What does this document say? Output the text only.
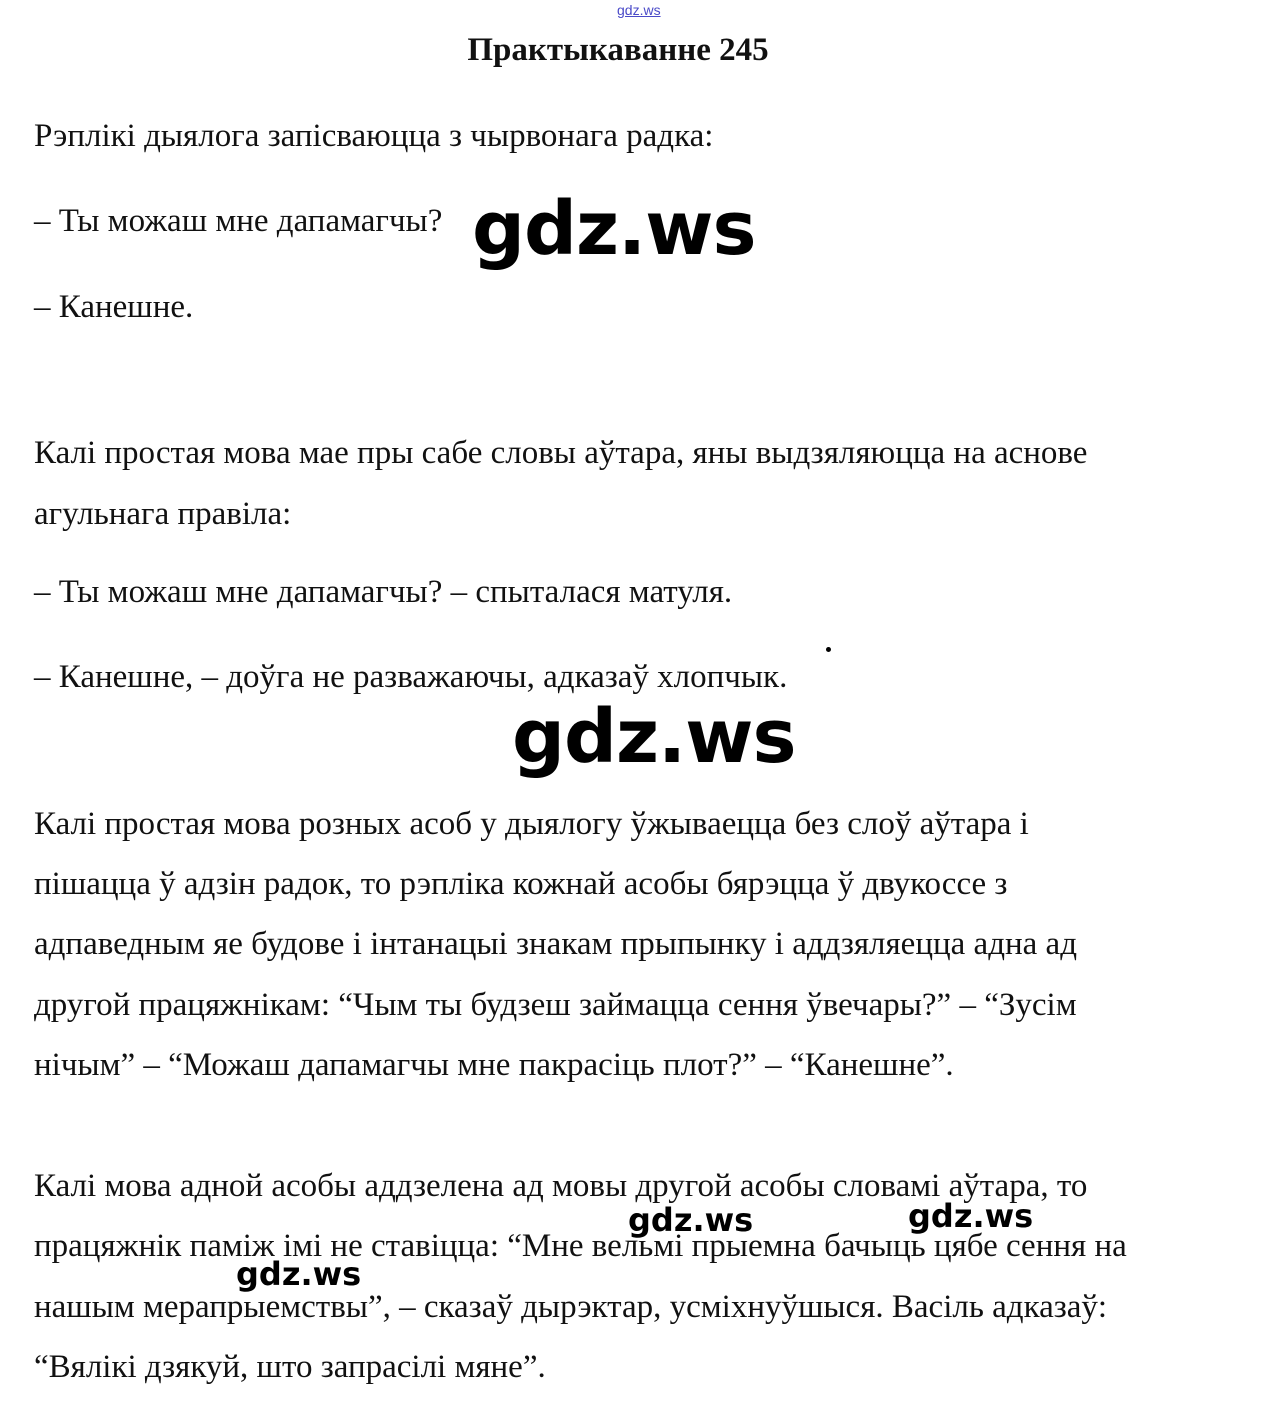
gdz.ws
Практыкаванне 245
Рэплікі дыялога запісваюцца з чырвонага радка:
– Ты можаш мне дапамагчы?
– Канешне.
Калі простая мова мае пры сабе словы аўтара, яны выдзяляюцца на аснове
агульнага правіла:
– Ты можаш мне дапамагчы? – спыталася матуля.
– Канешне, – доўга не разважаючы, адказаў хлопчык.
Калі простая мова розных асоб у дыялогу ўжываецца без слоў аўтара і
пішацца ў адзін радок, то рэпліка кожнай асобы бярэцца ў двукоссе з
адпаведным яе будове і інтанацыі знакам прыпынку і аддзяляецца адна ад
другой працяжнікам: “Чым ты будзеш займацца сення ўвечары?” – “Зусім
нічым” – “Можаш дапамагчы мне пакрасіць плот?” – “Канешне”.
Калі мова адной асобы аддзелена ад мовы другой асобы словамі аўтара, то
працяжнік паміж імі не ставіцца: “Мне вельмі прыемна бачыць цябе сення на
нашым мерапрыемствы”, – сказаў дырэктар, усміхнуўшыся. Васіль адказаў:
“Вялікі дзякуй, што запрасілі мяне”.
gdz.ws
gdz.ws
gdz.ws	gdz.ws
gdz.ws
